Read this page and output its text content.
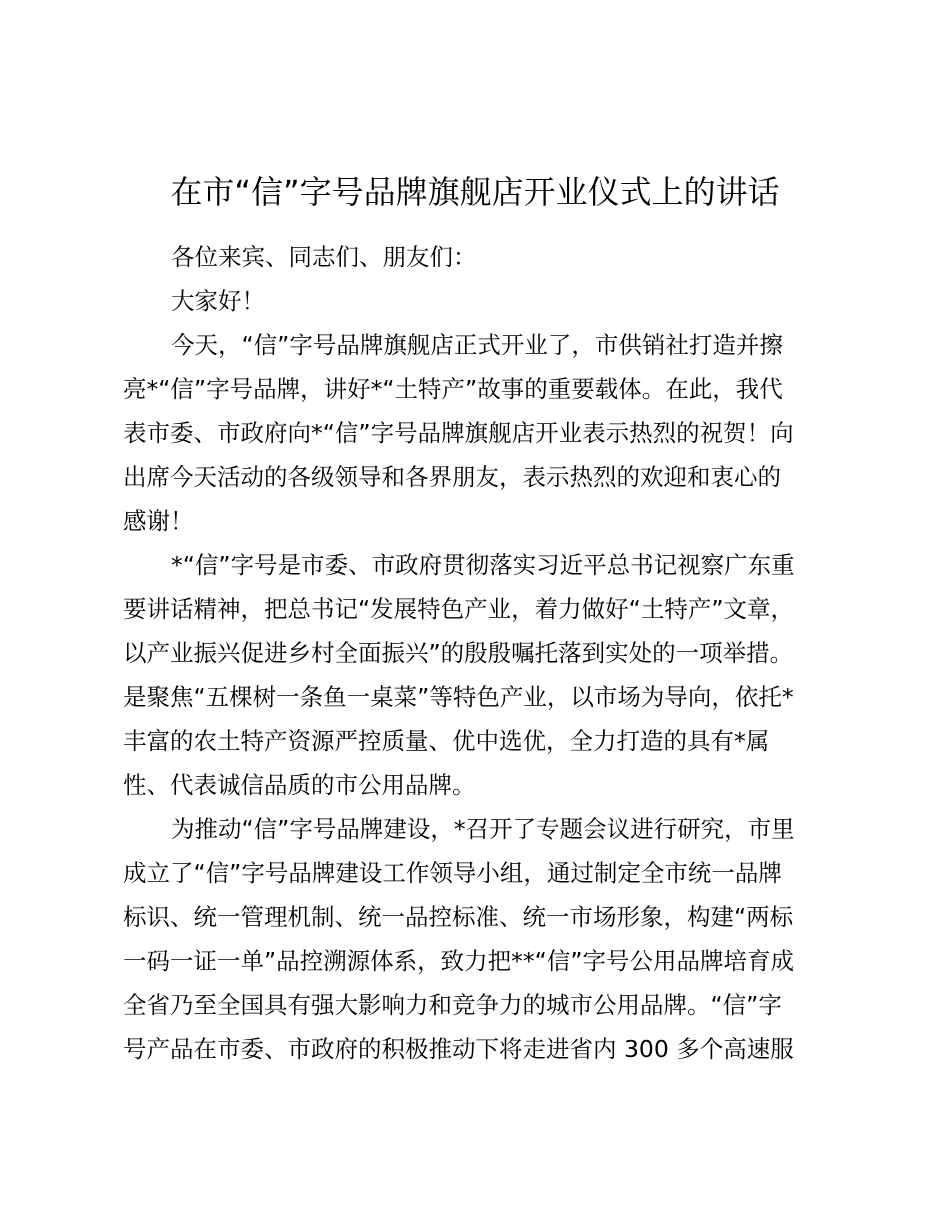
在市“信”字号品牌旗舰店开业仪式上的讲话
各位来宾、同志们、朋友们：
大家好！
今天，“信”字号品牌旗舰店正式开业了，市供销社打造并擦
亮*“信”字号品牌，讲好*“土特产”故事的重要载体。在此，我代
表市委、市政府向*“信”字号品牌旗舰店开业表示热烈的祝贺！向
出席今天活动的各级领导和各界朋友，表示热烈的欢迎和衷心的
感谢！
*“信”字号是市委、市政府贯彻落实习近平总书记视察广东重
要讲话精神，把总书记“发展特色产业，着力做好“土特产”文章，
以产业振兴促进乡村全面振兴”的殷殷嘱托落到实处的一项举措。
是聚焦“五棵树一条鱼一桌菜”等特色产业，以市场为导向，依托*
丰富的农土特产资源严控质量、优中选优，全力打造的具有*属
性、代表诚信品质的市公用品牌。
为推动“信”字号品牌建设，*召开了专题会议进行研究，市里
成立了“信”字号品牌建设工作领导小组，通过制定全市统一品牌
标识、统一管理机制、统一品控标准、统一市场形象，构建“两标
一码一证一单”品控溯源体系，致力把**“信”字号公用品牌培育成
全省乃至全国具有强大影响力和竞争力的城市公用品牌。“信”字
号产品在市委、市政府的积极推动下将走进省内 300 多个高速服
